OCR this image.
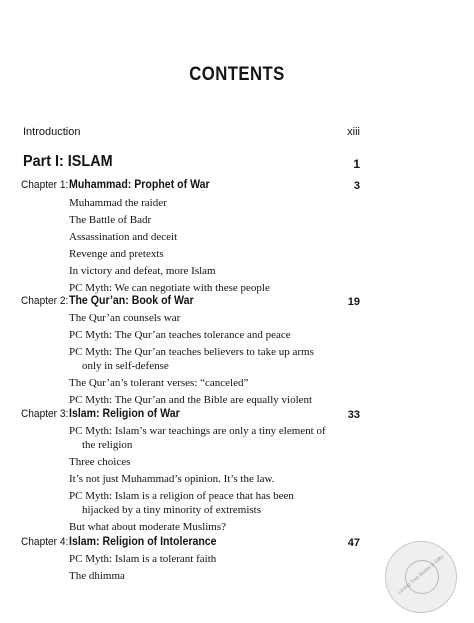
CONTENTS
Introduction	xiii
Part I: ISLAM	1
Chapter 1: Muhammad: Prophet of War	3
Muhammad the raider
The Battle of Badr
Assassination and deceit
Revenge and pretexts
In victory and defeat, more Islam
PC Myth: We can negotiate with these people
Chapter 2: The Qur’an: Book of War	19
The Qur’an counsels war
PC Myth: The Qur’an teaches tolerance and peace
PC Myth: The Qur’an teaches believers to take up arms
only in self-defense
The Qur’an’s tolerant verses: “canceled”
PC Myth: The Qur’an and the Bible are equally violent
Chapter 3: Islam: Religion of War	33
PC Myth: Islam’s war teachings are only a tiny element of
the religion
Three choices
It’s not just Muhammad’s opinion. It’s the law.
PC Myth: Islam is a religion of peace that has been
hijacked by a tiny minority of extremists
But what about moderate Muslims?
Chapter 4: Islam: Religion of Intolerance	47
PC Myth: Islam is a tolerant faith
The dhimma	Loving Tree Books & Gifts
